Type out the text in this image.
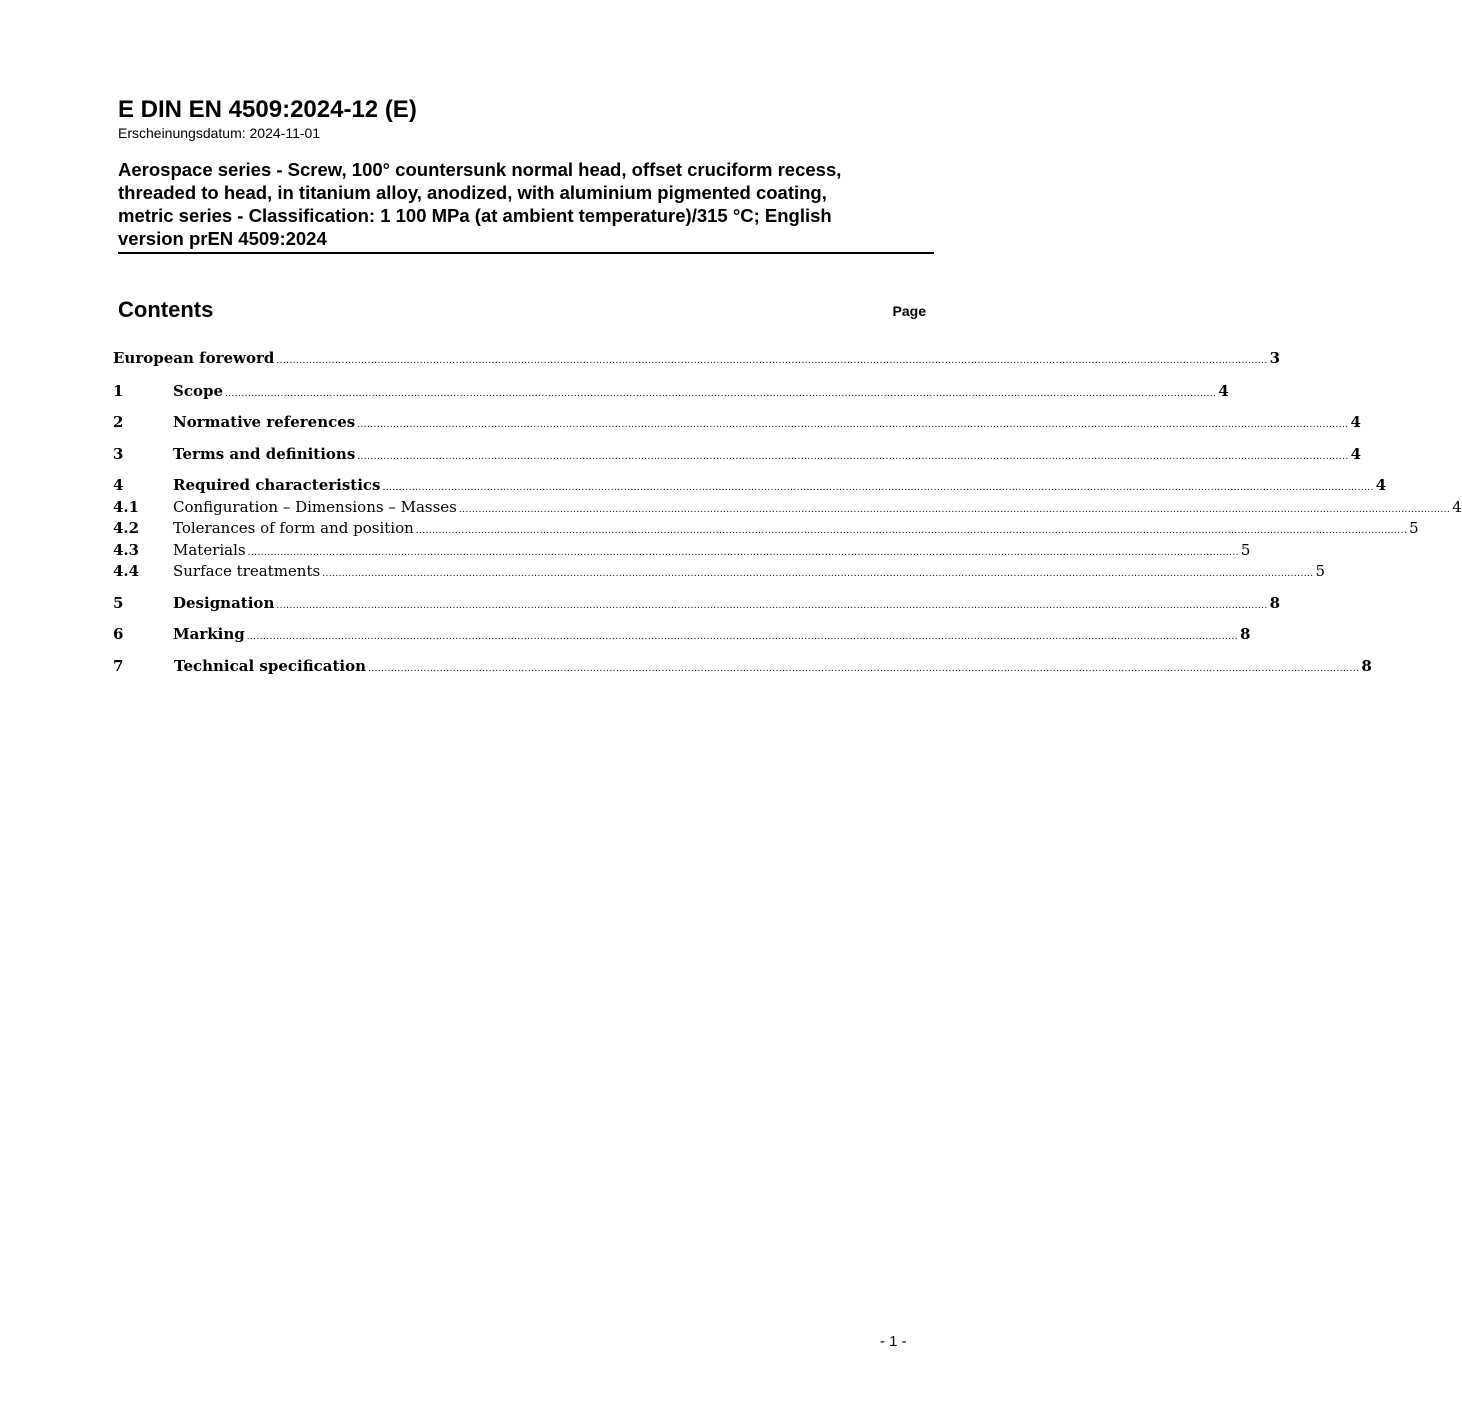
E DIN EN 4509:2024-12 (E)

Erscheinungsdatum: 2024-11-01

Aerospace series - Screw, 100° countersunk normal head, offset cruciform recess,
threaded to head, in titanium alloy, anodized, with aluminium pigmented coating,
metric series - Classification: 1 100 MPa (at ambient temperature)/315 °C; English
version prEN 4509:2024
Contents	Page
European foreword ................................................................................................................................................................................................................................................................................................................ 3
1	Scope ................................................................................................................................................................................................................................................................................................................ 4
2	Normative references ................................................................................................................................................................................................................................................................................................................ 4
3	Terms and definitions ................................................................................................................................................................................................................................................................................................................ 4
4	Required characteristics ................................................................................................................................................................................................................................................................................................................ 4
4.1	Configuration – Dimensions – Masses ................................................................................................................................................................................................................................................................................................................ 4
4.2	Tolerances of form and position ................................................................................................................................................................................................................................................................................................................ 5
4.3	Materials ................................................................................................................................................................................................................................................................................................................ 5
4.4	Surface treatments ................................................................................................................................................................................................................................................................................................................ 5
5	Designation ................................................................................................................................................................................................................................................................................................................ 8
6	Marking ................................................................................................................................................................................................................................................................................................................ 8
7	Technical specification ................................................................................................................................................................................................................................................................................................................ 8
- 1 -
